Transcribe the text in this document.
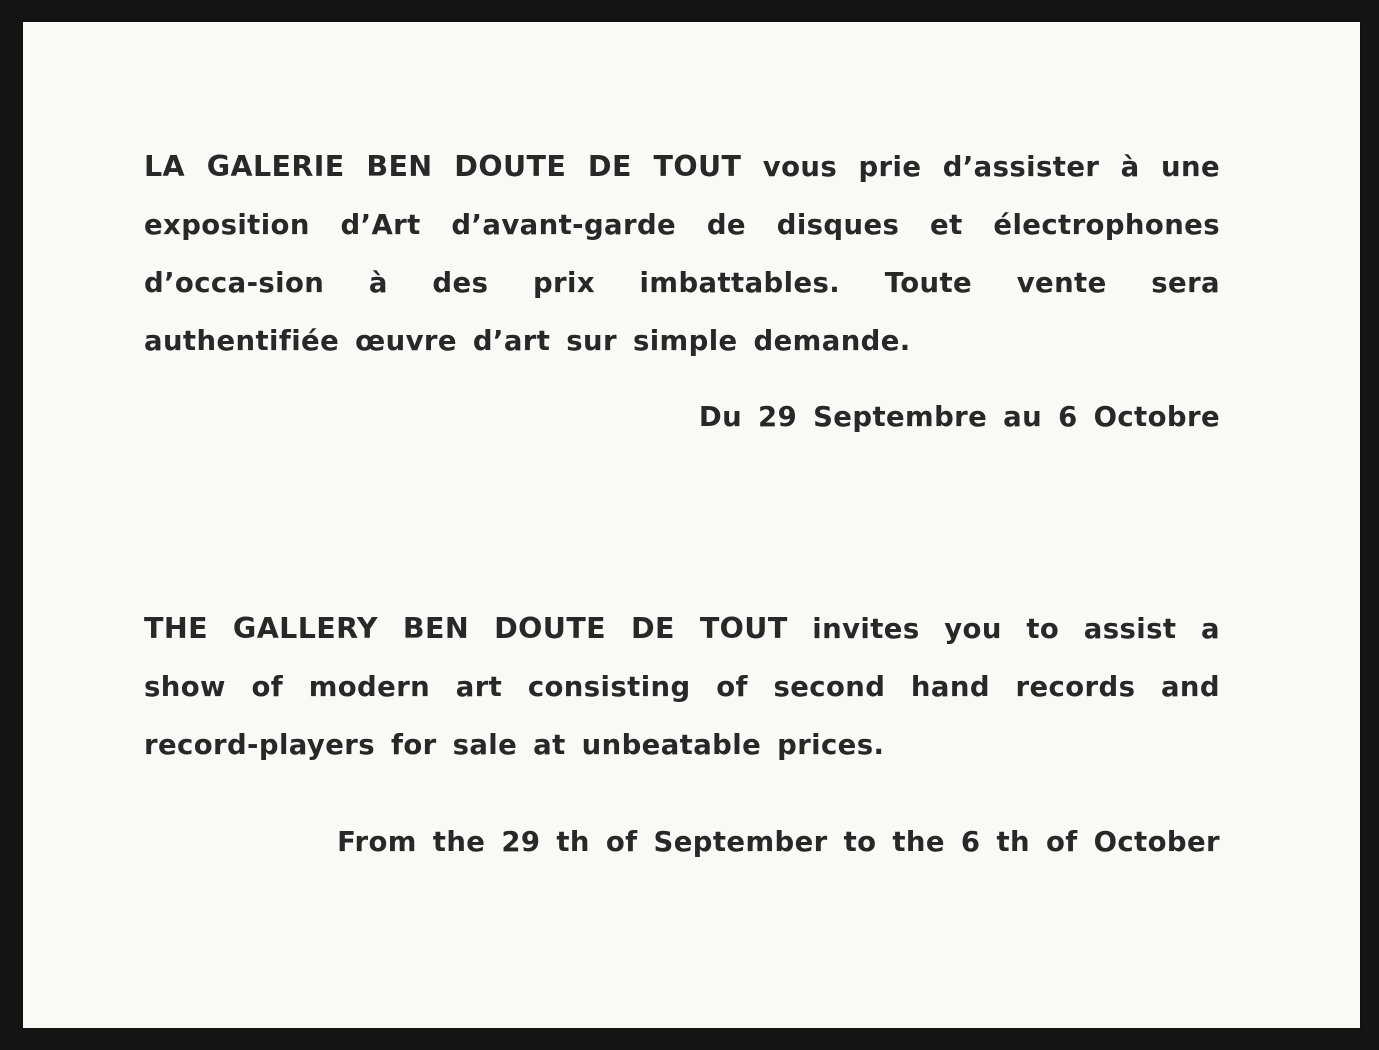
LA GALERIE BEN DOUTE DE TOUT vous prie d’assister à une exposition d’Art d’avant-garde de disques et électrophones d’occa-sion à des prix imbattables. Toute vente sera authentifiée œuvre d’art sur simple demande.

Du 29 Septembre au 6 Octobre

THE GALLERY BEN DOUTE DE TOUT invites you to assist a show of modern art consisting of second hand records and record-players for sale at unbeatable prices.

From the 29 th of September to the 6 th of October
